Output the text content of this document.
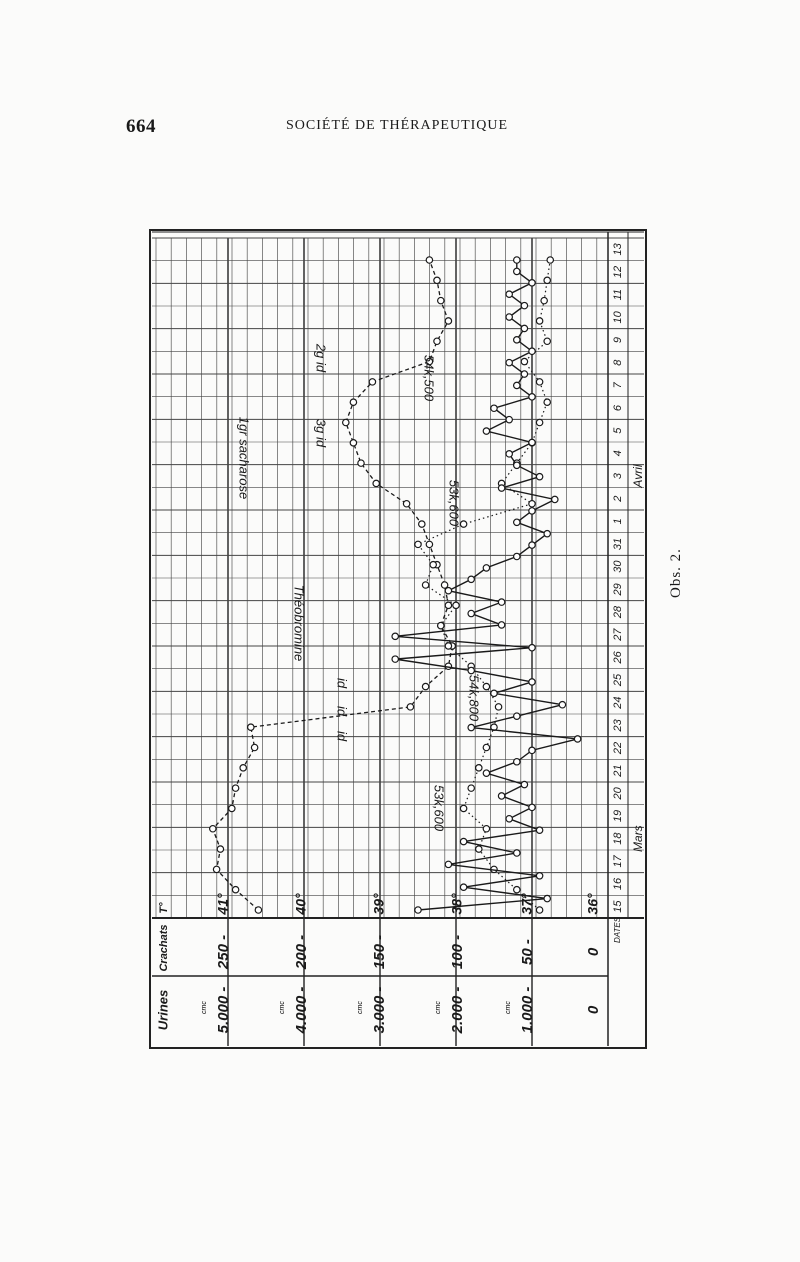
664	SOCIÉTÉ DE THÉRAPEUTIQUE
5.000 -
cmc	4.000 -
cmc	3.000 -
cmc	2.000 -
cmc	1.000 -
cmc	0
250 -	200 -	150 -	100 -	50 -	0
41°	40°	39°	38°	37°	36°
Urines
Crachats
T°	15
16
17
18
19
20
21
22
23
24
25
26
27
28
29
30
31
1
2
3
4
5
6
7
8
9
10
11
12
13
Mars
Avril
DATES
1gr sacharose
Théobromine
id
id
id
2g id
3g id
54k,500
53k,600
54k,800
53k,600
Obs. 2.
